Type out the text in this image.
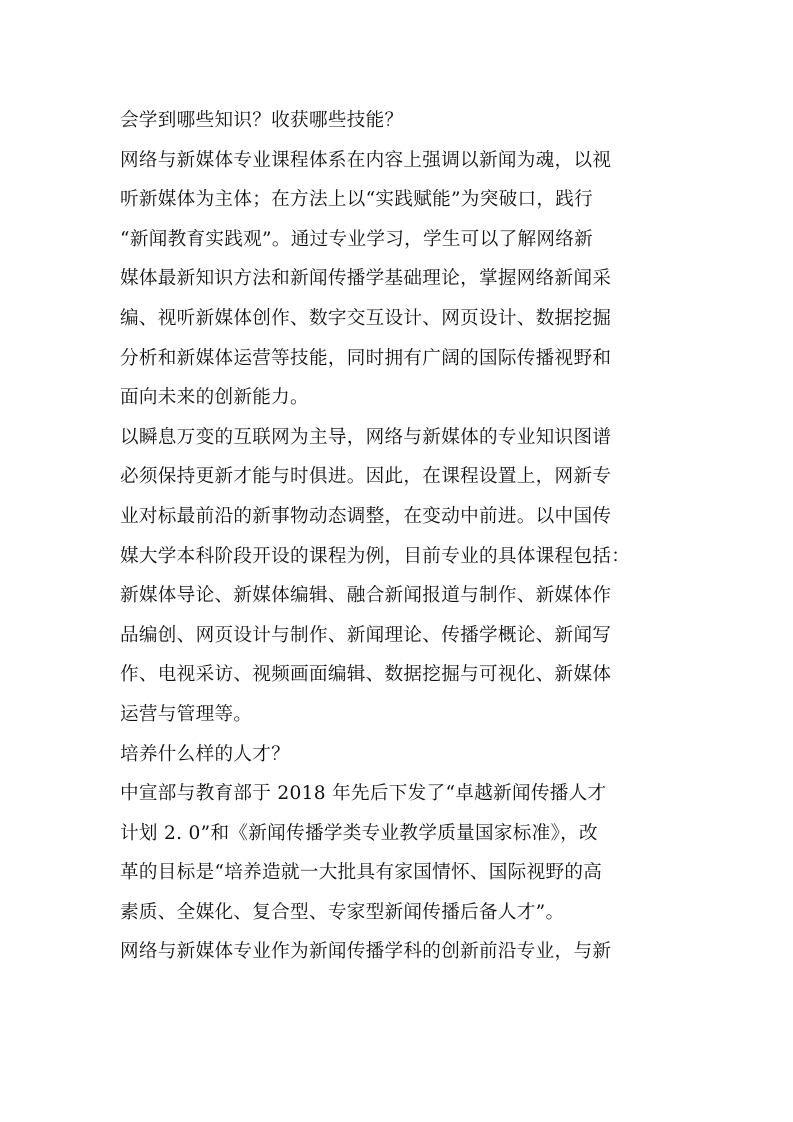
会学到哪些知识？收获哪些技能？
网络与新媒体专业课程体系在内容上强调以新闻为魂，以视
听新媒体为主体；在方法上以“实践赋能”为突破口，践行
“新闻教育实践观”。通过专业学习，学生可以了解网络新
媒体最新知识方法和新闻传播学基础理论，掌握网络新闻采
编、视听新媒体创作、数字交互设计、网页设计、数据挖掘
分析和新媒体运营等技能，同时拥有广阔的国际传播视野和
面向未来的创新能力。
以瞬息万变的互联网为主导，网络与新媒体的专业知识图谱
必须保持更新才能与时俱进。因此，在课程设置上，网新专
业对标最前沿的新事物动态调整，在变动中前进。以中国传
媒大学本科阶段开设的课程为例，目前专业的具体课程包括：
新媒体导论、新媒体编辑、融合新闻报道与制作、新媒体作
品编创、网页设计与制作、新闻理论、传播学概论、新闻写
作、电视采访、视频画面编辑、数据挖掘与可视化、新媒体
运营与管理等。
培养什么样的人才？
中宣部与教育部于 2018 年先后下发了“卓越新闻传播人才
计划 2. 0”和《新闻传播学类专业教学质量国家标准》，改
革的目标是“培养造就一大批具有家国情怀、国际视野的高
素质、全媒化、复合型、专家型新闻传播后备人才”。
网络与新媒体专业作为新闻传播学科的创新前沿专业，与新
